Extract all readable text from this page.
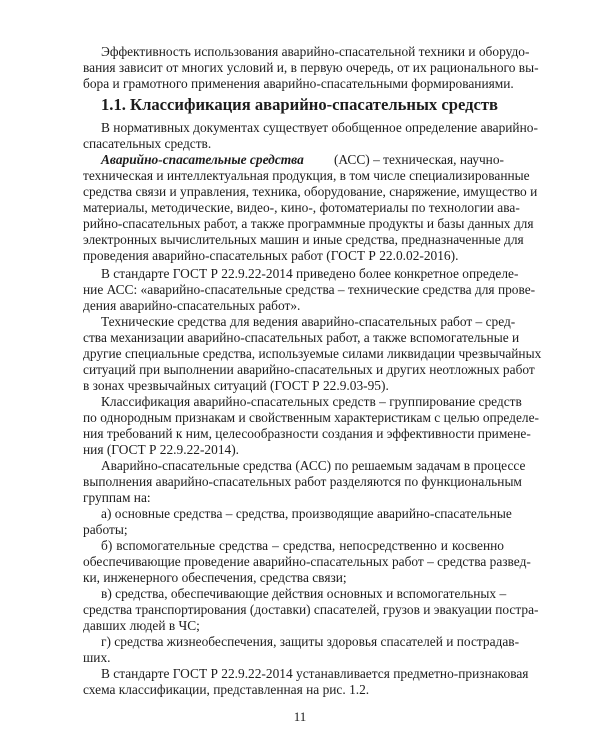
Эффективность использования аварийно-спасательной техники и оборудо-

вания зависит от многих условий и, в первую очередь, от их рационального вы-

бора и грамотного применения аварийно-спасательными формированиями.

1.1. Классификация аварийно-спасательных средств

В нормативных документах существует обобщенное определение аварийно-

спасательных средств.

Аварийно-спасательные средства (АСС) – техническая, научно-

техническая и интеллектуальная продукция, в том числе специализированные

средства связи и управления, техника, оборудование, снаряжение, имущество и

материалы, методические, видео-, кино-, фотоматериалы по технологии ава-

рийно-спасательных работ, а также программные продукты и базы данных для

электронных вычислительных машин и иные средства, предназначенные для

проведения аварийно-спасательных работ (ГОСТ Р 22.0.02-2016).

В стандарте ГОСТ Р 22.9.22-2014 приведено более конкретное определе-

ние АСС: «аварийно-спасательные средства – технические средства для прове-

дения аварийно-спасательных работ».

Технические средства для ведения аварийно-спасательных работ – сред-

ства механизации аварийно-спасательных работ, а также вспомогательные и

другие специальные средства, используемые силами ликвидации чрезвычайных

ситуаций при выполнении аварийно-спасательных и других неотложных работ

в зонах чрезвычайных ситуаций (ГОСТ Р 22.9.03-95).

Классификация аварийно-спасательных средств – группирование средств

по однородным признакам и свойственным характеристикам с целью определе-

ния требований к ним, целесообразности создания и эффективности примене-

ния (ГОСТ Р 22.9.22-2014).

Аварийно-спасательные средства (АСС) по решаемым задачам в процессе

выполнения аварийно-спасательных работ разделяются по функциональным

группам на:

а) основные средства – средства, производящие аварийно-спасательные

работы;

б) вспомогательные средства – средства, непосредственно и косвенно

обеспечивающие проведение аварийно-спасательных работ – средства развед-

ки, инженерного обеспечения, средства связи;

в) средства, обеспечивающие действия основных и вспомогательных –

средства транспортирования (доставки) спасателей, грузов и эвакуации постра-

давших людей в ЧС;

11

г) средства жизнеобеспечения, защиты здоровья спасателей и пострадав-

ших.

В стандарте ГОСТ Р 22.9.22-2014 устанавливается предметно-признаковая

схема классификации, представленная на рис. 1.2.
